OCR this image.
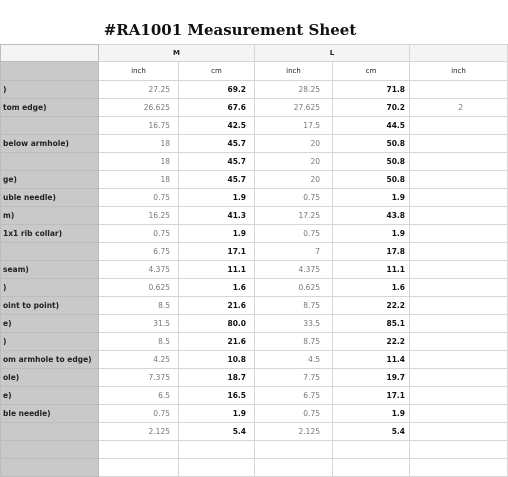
#RA1001 Measurement Sheet
	M		L		
	inch	cm	inch	cm	inch
)	27.25	69.2	28.25	71.8	
tom edge)	26.625	67.6	27.625	70.2	2
	16.75	42.5	17.5	44.5	
below armhole)	18	45.7	20	50.8	
	18	45.7	20	50.8	
ge)	18	45.7	20	50.8	
uble needle)	0.75	1.9	0.75	1.9	
m)	16.25	41.3	17.25	43.8	
1x1 rib collar)	0.75	1.9	0.75	1.9	
	6.75	17.1	7	17.8	
seam)	4.375	11.1	4.375	11.1	
)	0.625	1.6	0.625	1.6	
oint to point)	8.5	21.6	8.75	22.2	
e)	31.5	80.0	33.5	85.1	
)	8.5	21.6	8.75	22.2	
om armhole to edge)	4.25	10.8	4.5	11.4	
ole)	7.375	18.7	7.75	19.7	
e)	6.5	16.5	6.75	17.1	
ble needle)	0.75	1.9	0.75	1.9	
	2.125	5.4	2.125	5.4	
